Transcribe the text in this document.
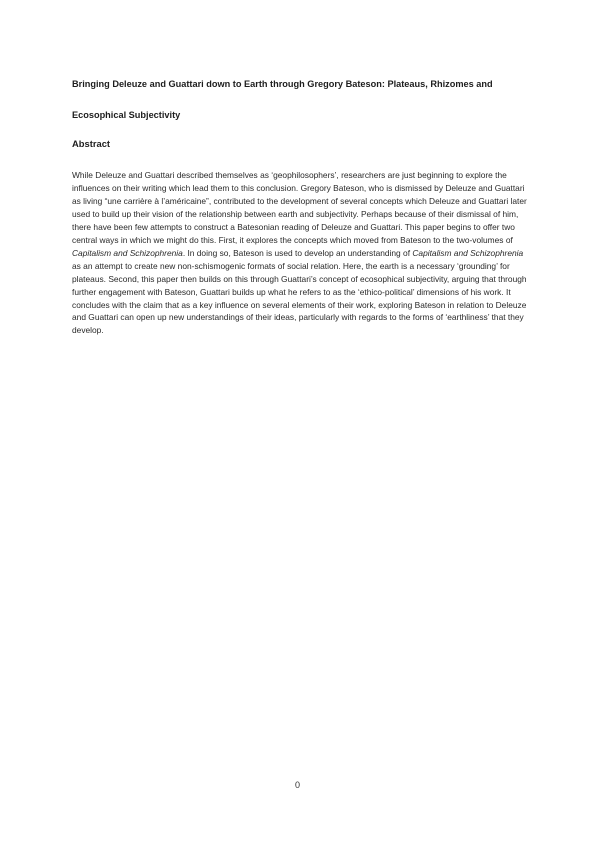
Bringing Deleuze and Guattari down to Earth through Gregory Bateson: Plateaus, Rhizomes and Ecosophical Subjectivity
Abstract

While Deleuze and Guattari described themselves as ‘geophilosophers’, researchers are just beginning to explore the influences on their writing which lead them to this conclusion. Gregory Bateson, who is dismissed by Deleuze and Guattari as living “une carrière à l’américaine”, contributed to the development of several concepts which Deleuze and Guattari later used to build up their vision of the relationship between earth and subjectivity. Perhaps because of their dismissal of him, there have been few attempts to construct a Batesonian reading of Deleuze and Guattari. This paper begins to offer two central ways in which we might do this. First, it explores the concepts which moved from Bateson to the two-volumes of Capitalism and Schizophrenia. In doing so, Bateson is used to develop an understanding of Capitalism and Schizophrenia as an attempt to create new non-schismogenic formats of social relation. Here, the earth is a necessary ‘grounding’ for plateaus. Second, this paper then builds on this through Guattari’s concept of ecosophical subjectivity, arguing that through further engagement with Bateson, Guattari builds up what he refers to as the ‘ethico-political’ dimensions of his work. It concludes with the claim that as a key influence on several elements of their work, exploring Bateson in relation to Deleuze and Guattari can open up new understandings of their ideas, particularly with regards to the forms of ‘earthliness’ that they develop.

0
